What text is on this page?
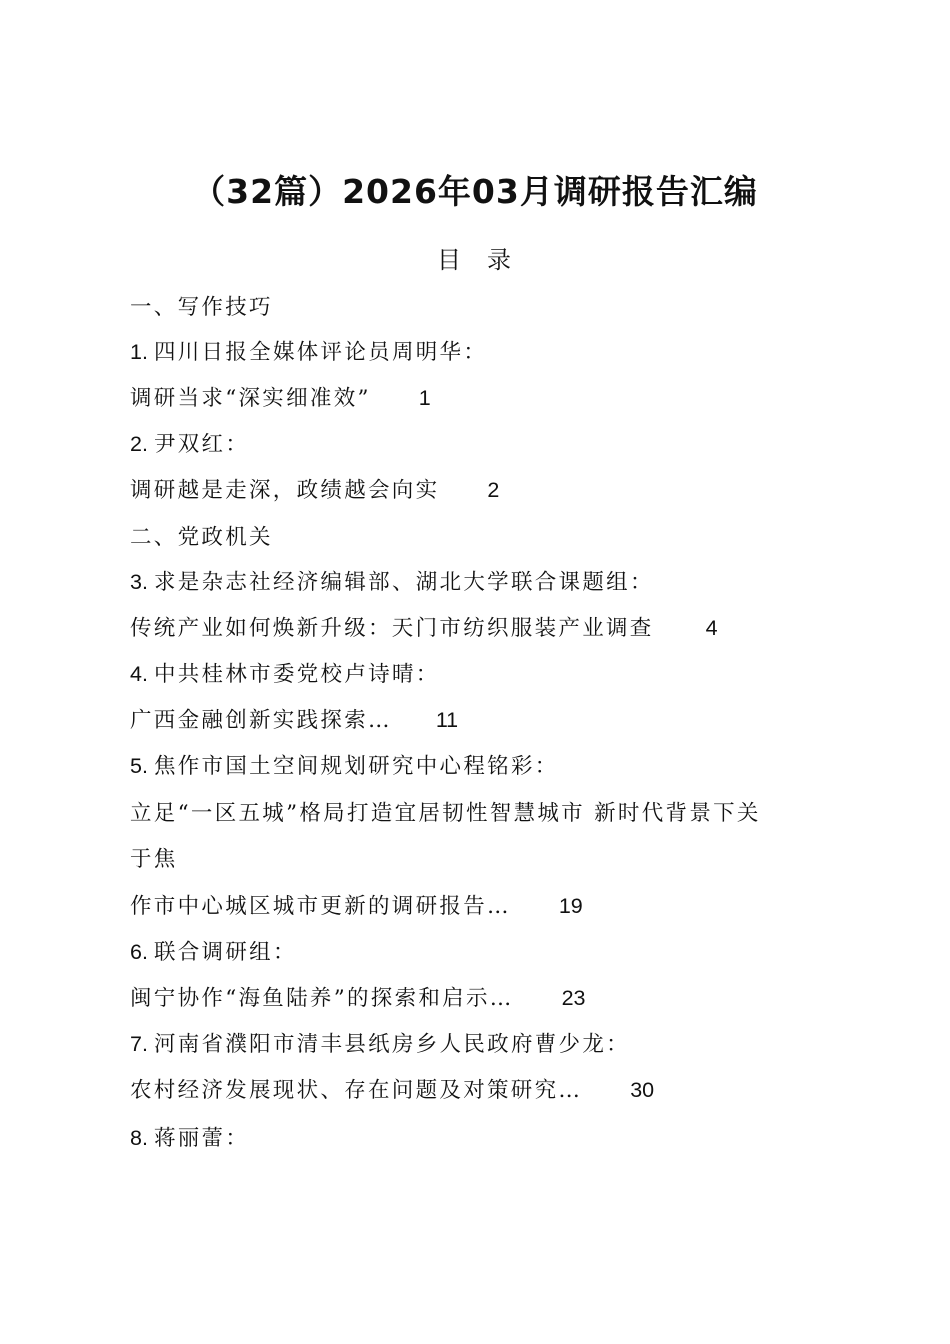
（32篇）2026年03月调研报告汇编
目 录
一、写作技巧
1. 四川日报全媒体评论员周明华：
调研当求“深实细准效” 1
2. 尹双红：
调研越是走深，政绩越会向实 2
二、党政机关
3. 求是杂志社经济编辑部、湖北大学联合课题组：
传统产业如何焕新升级：天门市纺织服装产业调查 4
4. 中共桂林市委党校卢诗晴：
广西金融创新实践探索… 11
5. 焦作市国土空间规划研究中心程铭彩：
立足“一区五城”格局打造宜居韧性智慧城市 新时代背景下关
于焦
作市中心城区城市更新的调研报告… 19
6. 联合调研组：
闽宁协作“海鱼陆养”的探索和启示… 23
7. 河南省濮阳市清丰县纸房乡人民政府曹少龙：
农村经济发展现状、存在问题及对策研究… 30
8. 蒋丽蕾：
